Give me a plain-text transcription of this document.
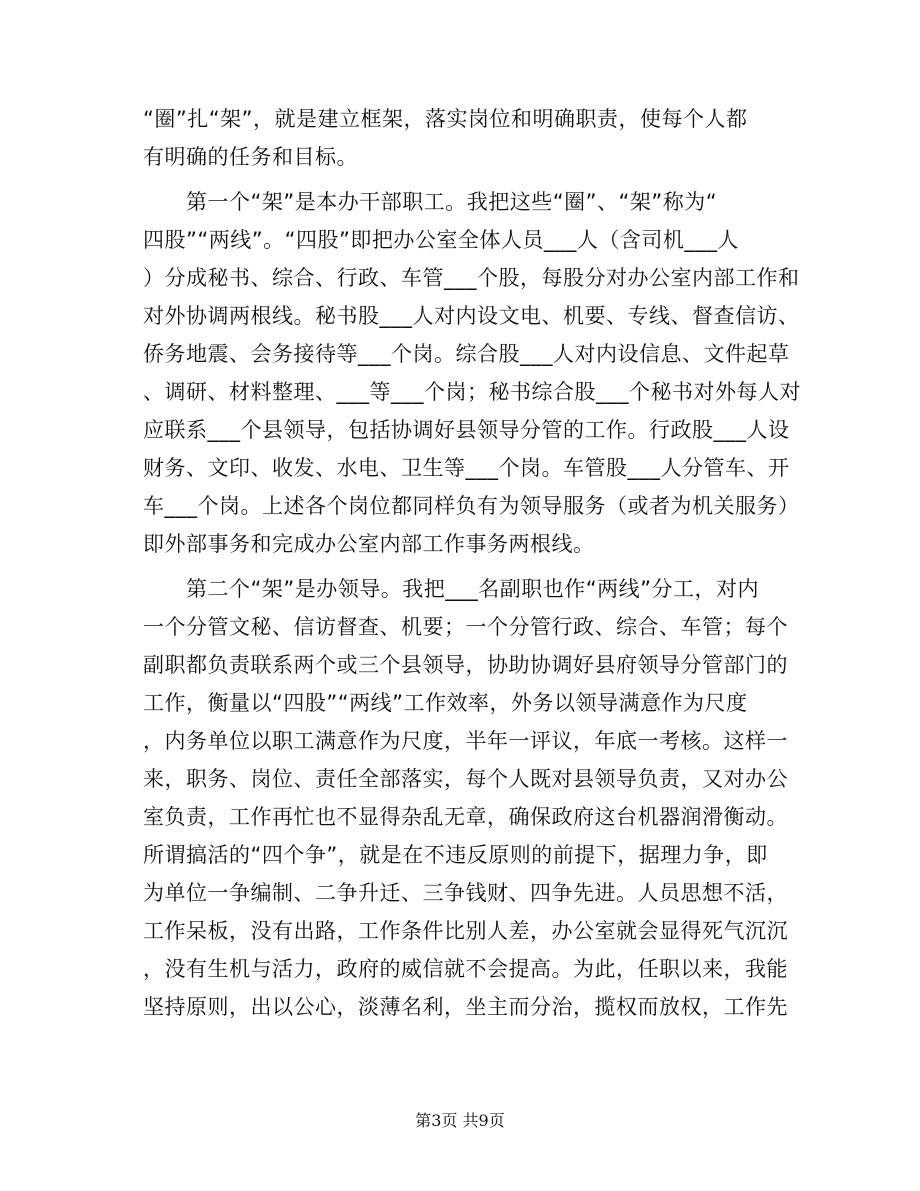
“圈”扎“架”，就是建立框架，落实岗位和明确职责，使每个人都
有明确的任务和目标。
　　第一个“架”是本办干部职工。我把这些“圈”、“架”称为“
四股”“两线”。“四股”即把办公室全体人员___人（含司机___人
）分成秘书、综合、行政、车管___个股，每股分对办公室内部工作和
对外协调两根线。秘书股___人对内设文电、机要、专线、督查信访、
侨务地震、会务接待等___个岗。综合股___人对内设信息、文件起草
、调研、材料整理、___等___个岗；秘书综合股___个秘书对外每人对
应联系___个县领导，包括协调好县领导分管的工作。行政股___人设
财务、文印、收发、水电、卫生等___个岗。车管股___人分管车、开
车___个岗。上述各个岗位都同样负有为领导服务（或者为机关服务）
即外部事务和完成办公室内部工作事务两根线。
　　第二个“架”是办领导。我把___名副职也作“两线”分工，对内
一个分管文秘、信访督查、机要；一个分管行政、综合、车管；每个
副职都负责联系两个或三个县领导，协助协调好县府领导分管部门的
工作，衡量以“四股”“两线”工作效率，外务以领导满意作为尺度
，内务单位以职工满意作为尺度，半年一评议，年底一考核。这样一
来，职务、岗位、责任全部落实，每个人既对县领导负责，又对办公
室负责，工作再忙也不显得杂乱无章，确保政府这台机器润滑衡动。
所谓搞活的“四个争”，就是在不违反原则的前提下，据理力争，即
为单位一争编制、二争升迁、三争钱财、四争先进。人员思想不活，
工作呆板，没有出路，工作条件比别人差，办公室就会显得死气沉沉
，没有生机与活力，政府的威信就不会提高。为此，任职以来，我能
坚持原则，出以公心，淡薄名利，坐主而分治，揽权而放权，工作先
第3页 共9页
